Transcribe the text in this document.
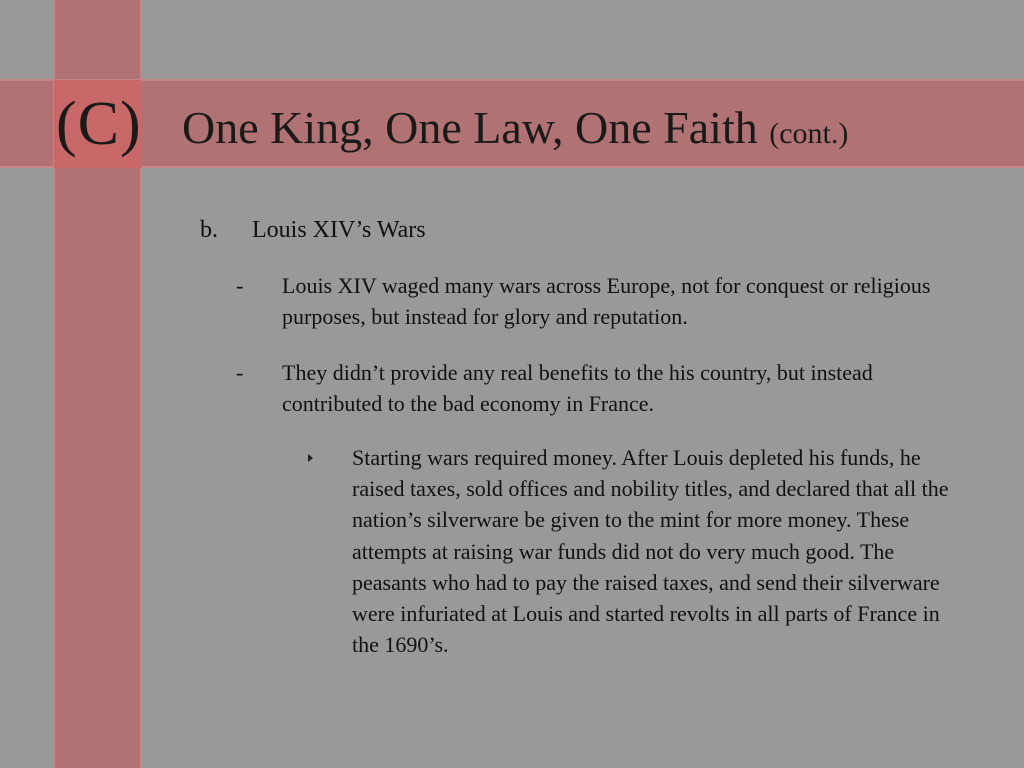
(C) One King, One Law, One Faith (cont.)
b. Louis XIV’s Wars
- Louis XIV waged many wars across Europe, not for conquest or religious purposes, but instead for glory and reputation.
- They didn’t provide any real benefits to the his country, but instead contributed to the bad economy in France.
Starting wars required money. After Louis depleted his funds, he raised taxes, sold offices and nobility titles, and declared that all the nation’s silverware be given to the mint for more money. These attempts at raising war funds did not do very much good. The peasants who had to pay the raised taxes, and send their silverware were infuriated at Louis and started revolts in all parts of France in the 1690’s.
